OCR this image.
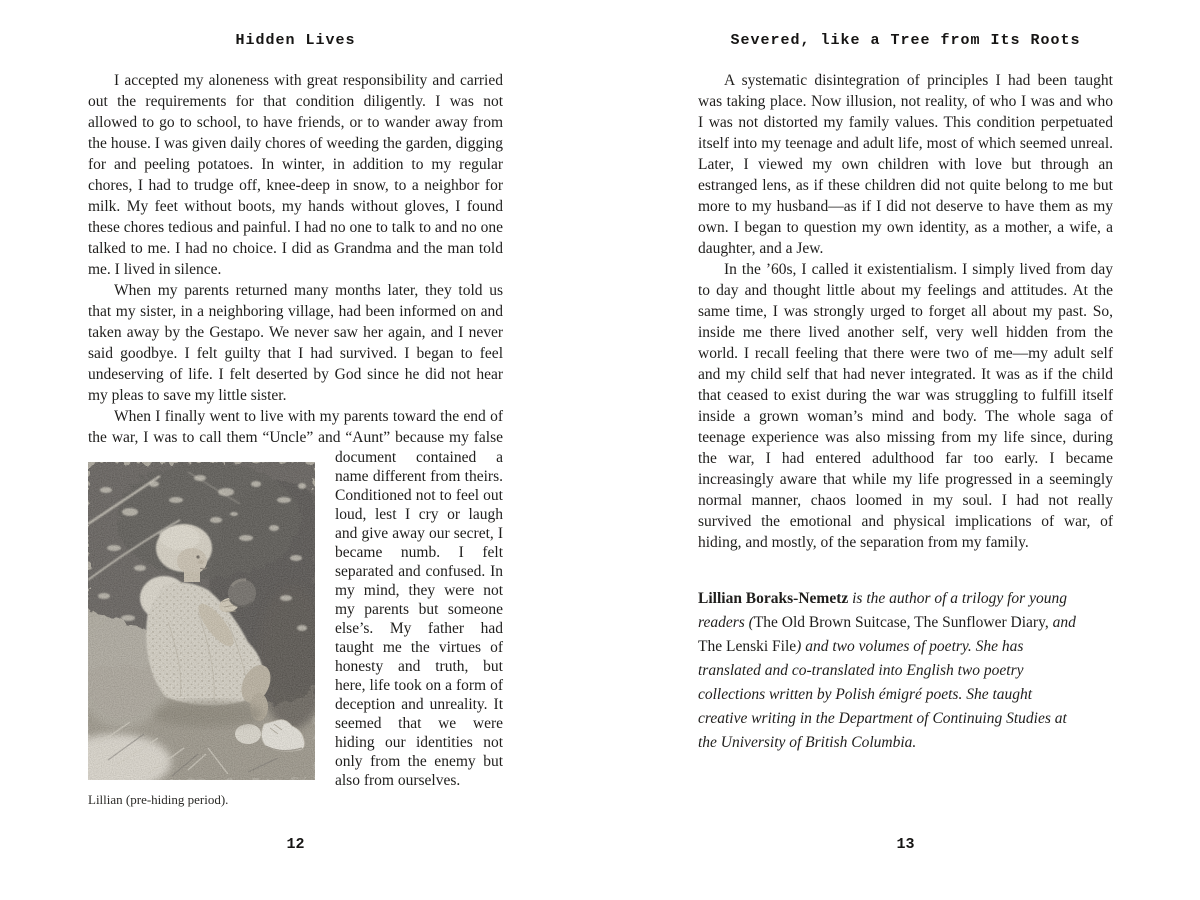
Hidden Lives

I accepted my aloneness with great responsibility and carried out the requirements for that condition diligently. I was not allowed to go to school, to have friends, or to wander away from the house. I was given daily chores of weeding the garden, digging for and peeling potatoes. In winter, in addition to my regular chores, I had to trudge off, knee-deep in snow, to a neighbor for milk. My feet without boots, my hands without gloves, I found these chores tedious and painful. I had no one to talk to and no one talked to me. I had no choice. I did as Grandma and the man told me. I lived in silence.

When my parents returned many months later, they told us that my sister, in a neighboring village, had been informed on and taken away by the Gestapo. We never saw her again, and I never said goodbye. I felt guilty that I had survived. I began to feel undeserving of life. I felt deserted by God since he did not hear my pleas to save my little sister.

When I finally went to live with my parents toward the end of the war, I was to call them “Uncle” and “Aunt” because my false

Lillian (pre-hiding period).
document contained a name different from theirs. Conditioned not to feel out loud, lest I cry or laugh and give away our secret, I became numb. I felt separated and confused. In my mind, they were not my parents but someone else’s. My father had taught me the virtues of honesty and truth, but here, life took on a form of deception and unreality. It seemed that we were hiding our identities not only from the enemy but also from ourselves.
Severed, like a Tree from Its Roots

A systematic disintegration of principles I had been taught was taking place. Now illusion, not reality, of who I was and who I was not distorted my family values. This condition perpetuated itself into my teenage and adult life, most of which seemed unreal. Later, I viewed my own children with love but through an estranged lens, as if these children did not quite belong to me but more to my husband—as if I did not deserve to have them as my own. I began to question my own identity, as a mother, a wife, a daughter, and a Jew.

In the ’60s, I called it existentialism. I simply lived from day to day and thought little about my feelings and attitudes. At the same time, I was strongly urged to forget all about my past. So, inside me there lived another self, very well hidden from the world. I recall feeling that there were two of me—my adult self and my child self that had never integrated. It was as if the child that ceased to exist during the war was struggling to fulfill itself inside a grown woman’s mind and body. The whole saga of teenage experience was also missing from my life since, during the war, I had entered adulthood far too early. I became increasingly aware that while my life progressed in a seemingly normal manner, chaos loomed in my soul. I had not really survived the emotional and physical implications of war, of hiding, and mostly, of the separation from my family.

Lillian Boraks-Nemetz is the author of a trilogy for young readers (The Old Brown Suitcase, The Sunflower Diary, and The Lenski File) and two volumes of poetry. She has translated and co-translated into English two poetry collections written by Polish émigré poets. She taught creative writing in the Department of Continuing Studies at the University of British Columbia.
12	13
